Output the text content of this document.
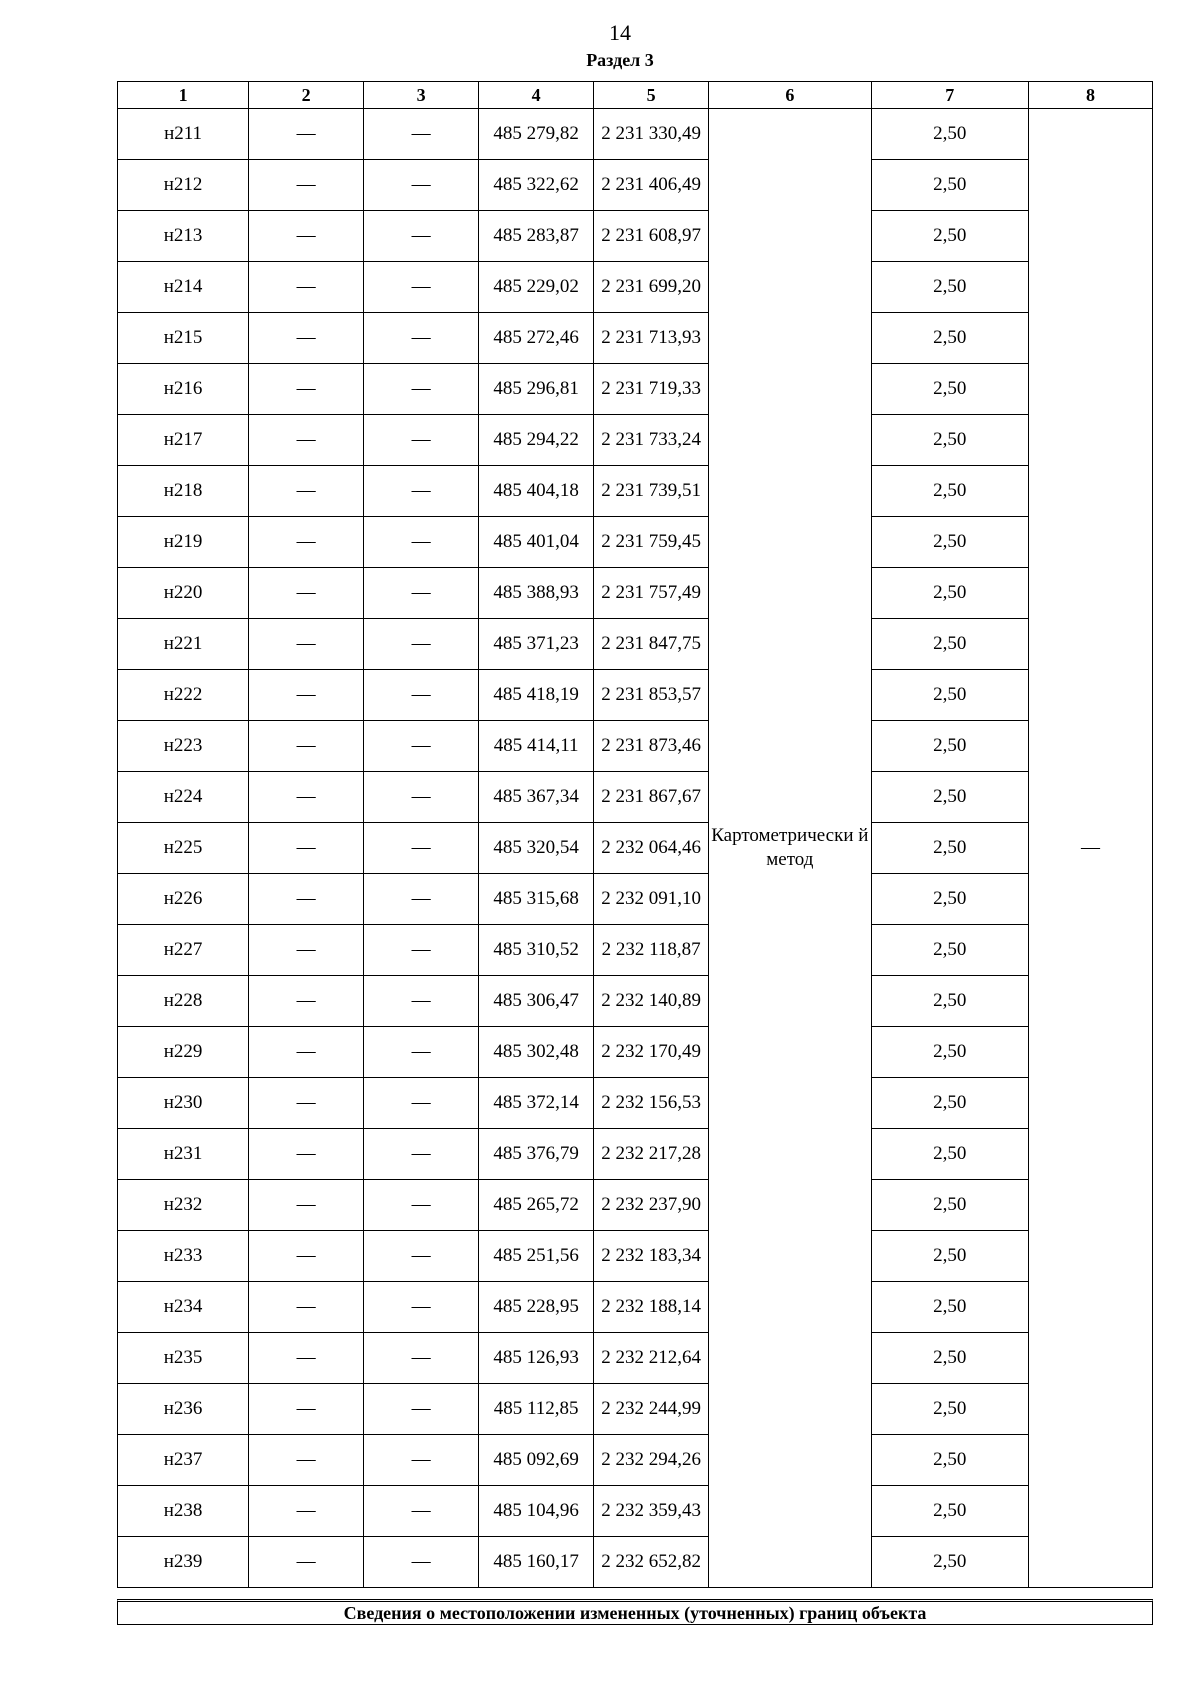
14
Раздел 3
1	2	3	4	5	6	7	8
н211	—	—	485 279,82	2 231 330,49	Картометрически й метод	2,50	—
н212	—	—	485 322,62	2 231 406,49		2,50	
н213	—	—	485 283,87	2 231 608,97		2,50	
н214	—	—	485 229,02	2 231 699,20		2,50	
н215	—	—	485 272,46	2 231 713,93		2,50	
н216	—	—	485 296,81	2 231 719,33		2,50	
н217	—	—	485 294,22	2 231 733,24		2,50	
н218	—	—	485 404,18	2 231 739,51		2,50	
н219	—	—	485 401,04	2 231 759,45		2,50	
н220	—	—	485 388,93	2 231 757,49		2,50	
н221	—	—	485 371,23	2 231 847,75		2,50	
н222	—	—	485 418,19	2 231 853,57		2,50	
н223	—	—	485 414,11	2 231 873,46		2,50	
н224	—	—	485 367,34	2 231 867,67		2,50	
н225	—	—	485 320,54	2 232 064,46		2,50	
н226	—	—	485 315,68	2 232 091,10		2,50	
н227	—	—	485 310,52	2 232 118,87		2,50	
н228	—	—	485 306,47	2 232 140,89		2,50	
н229	—	—	485 302,48	2 232 170,49		2,50	
н230	—	—	485 372,14	2 232 156,53		2,50	
н231	—	—	485 376,79	2 232 217,28		2,50	
н232	—	—	485 265,72	2 232 237,90		2,50	
н233	—	—	485 251,56	2 232 183,34		2,50	
н234	—	—	485 228,95	2 232 188,14		2,50	
н235	—	—	485 126,93	2 232 212,64		2,50	
н236	—	—	485 112,85	2 232 244,99		2,50	
н237	—	—	485 092,69	2 232 294,26		2,50	
н238	—	—	485 104,96	2 232 359,43		2,50	
н239	—	—	485 160,17	2 232 652,82		2,50	
Сведения о местоположении измененных (уточненных) границ объекта
